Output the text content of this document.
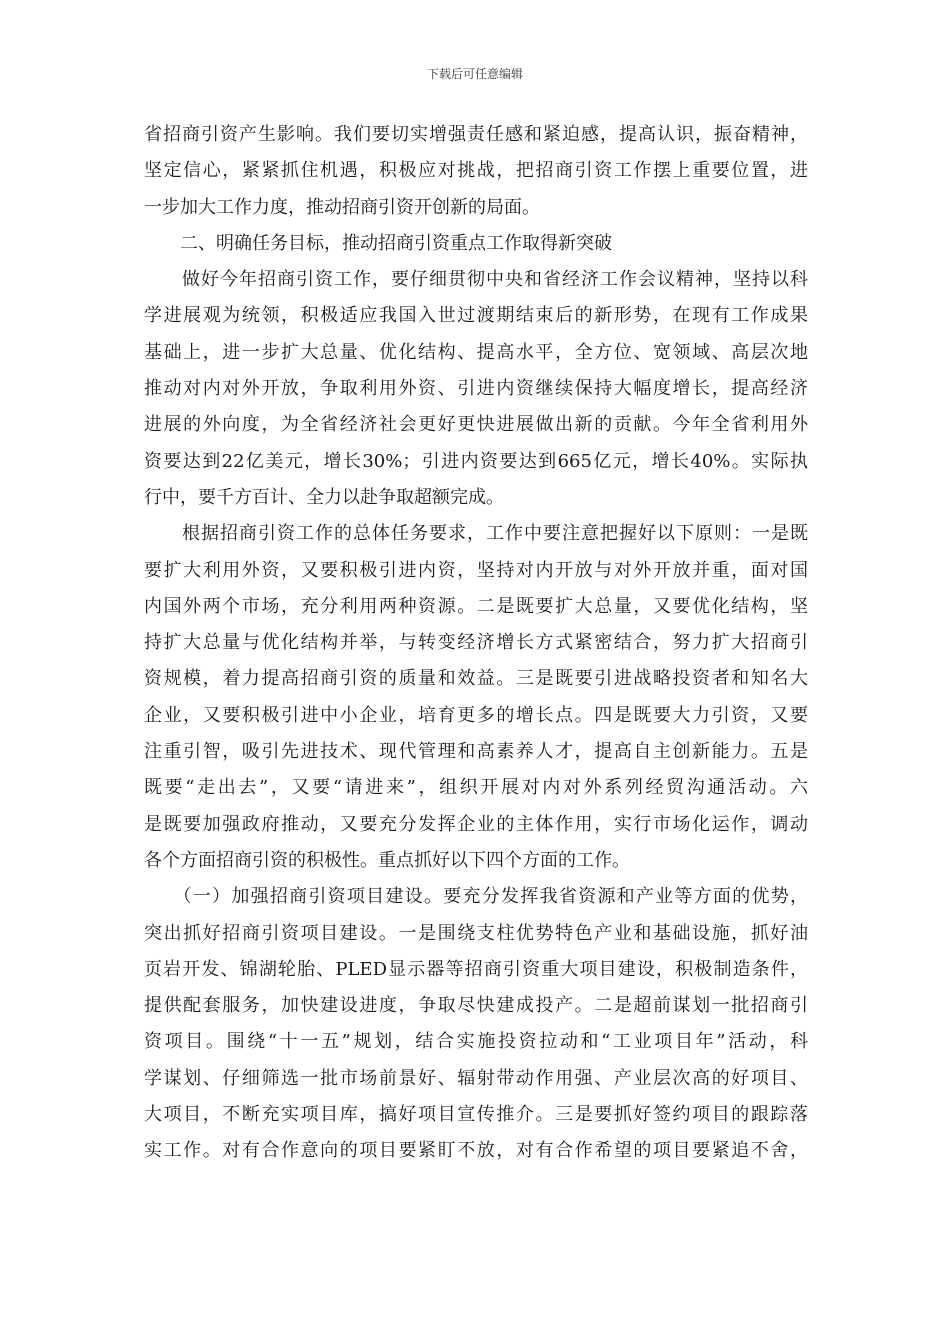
下载后可任意编辑
省招商引资产生影响。我们要切实增强责任感和紧迫感，提高认识，振奋精神，
坚定信心，紧紧抓住机遇，积极应对挑战，把招商引资工作摆上重要位置，进
一步加大工作力度，推动招商引资开创新的局面。
　　二、明确任务目标，推动招商引资重点工作取得新突破
　　做好今年招商引资工作，要仔细贯彻中央和省经济工作会议精神，坚持以科
学进展观为统领，积极适应我国入世过渡期结束后的新形势，在现有工作成果
基础上，进一步扩大总量、优化结构、提高水平，全方位、宽领域、高层次地
推动对内对外开放，争取利用外资、引进内资继续保持大幅度增长，提高经济
进展的外向度，为全省经济社会更好更快进展做出新的贡献。今年全省利用外
资要达到22亿美元，增长30%；引进内资要达到665亿元，增长40%。实际执
行中，要千方百计、全力以赴争取超额完成。
　　根据招商引资工作的总体任务要求，工作中要注意把握好以下原则：一是既
要扩大利用外资，又要积极引进内资，坚持对内开放与对外开放并重，面对国
内国外两个市场，充分利用两种资源。二是既要扩大总量，又要优化结构，坚
持扩大总量与优化结构并举，与转变经济增长方式紧密结合，努力扩大招商引
资规模，着力提高招商引资的质量和效益。三是既要引进战略投资者和知名大
企业，又要积极引进中小企业，培育更多的增长点。四是既要大力引资，又要
注重引智，吸引先进技术、现代管理和高素养人才，提高自主创新能力。五是
既要“走出去”，又要“请进来”，组织开展对内对外系列经贸沟通活动。六
是既要加强政府推动，又要充分发挥企业的主体作用，实行市场化运作，调动
各个方面招商引资的积极性。重点抓好以下四个方面的工作。
　　（一）加强招商引资项目建设。要充分发挥我省资源和产业等方面的优势，
突出抓好招商引资项目建设。一是围绕支柱优势特色产业和基础设施，抓好油
页岩开发、锦湖轮胎、PLED显示器等招商引资重大项目建设，积极制造条件，
提供配套服务，加快建设进度，争取尽快建成投产。二是超前谋划一批招商引
资项目。围绕“十一五”规划，结合实施投资拉动和“工业项目年”活动，科
学谋划、仔细筛选一批市场前景好、辐射带动作用强、产业层次高的好项目、
大项目，不断充实项目库，搞好项目宣传推介。三是要抓好签约项目的跟踪落
实工作。对有合作意向的项目要紧盯不放，对有合作希望的项目要紧追不舍，
